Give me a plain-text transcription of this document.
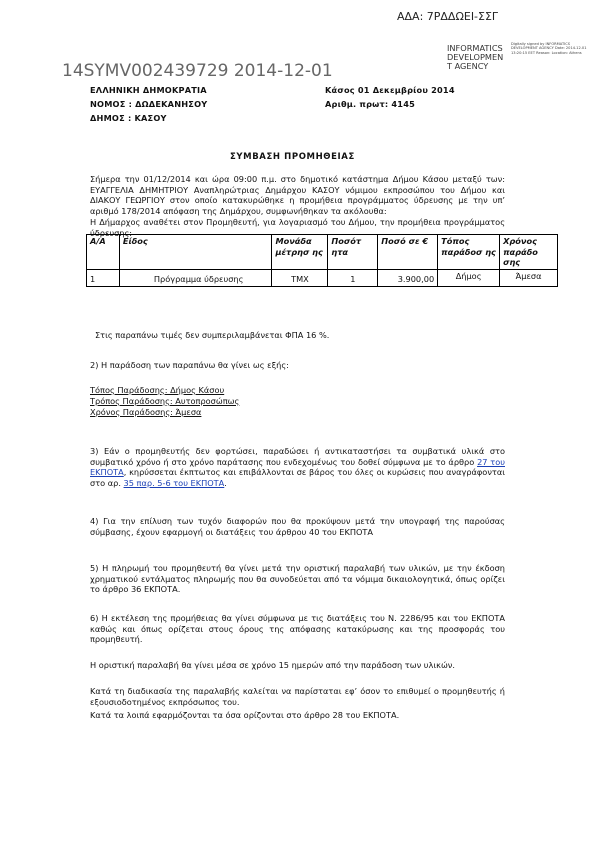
ΑΔΑ: 7ΡΔΔΩΕΙ-ΣΣΓ
INFORMATICS DEVELOPMEN T AGENCY
Digitally signed by INFORMATICS DEVELOPMENT AGENCY Date: 2014.12.01 13:20:15 EET Reason: Location: Athens
14SYMV002439729 2014-12-01
ΕΛΛΗΝΙΚΗ ΔΗΜΟΚΡΑΤΙΑ
ΝΟΜΟΣ : ΔΩΔΕΚΑΝΗΣΟΥ
ΔΗΜΟΣ : ΚΑΣΟΥ
Κάσος 01 Δεκεμβρίου 2014
Αριθμ. πρωτ: 4145
ΣΥΜΒΑΣΗ ΠΡΟΜΗΘΕΙΑΣ
Σήμερα την 01/12/2014 και ώρα 09:00 π.μ. στο δημοτικό κατάστημα Δήμου Κάσου μεταξύ των: ΕΥΑΓΓΕΛΙΑ ΔΗΜΗΤΡΙΟΥ Αναπληρώτριας Δημάρχου ΚΑΣΟΥ νόμιμου εκπροσώπου του Δήμου και ΔΙΑΚΟΥ ΓΕΩΡΓΙΟΥ στον οποίο κατακυρώθηκε η προμήθεια προγράμματος ύδρευσης με την υπ’ αριθμό 178/2014 απόφαση της Δημάρχου, συμφωνήθηκαν τα ακόλουθα:
Η Δήμαρχος αναθέτει στον Προμηθευτή, για λογαριασμό του Δήμου, την προμήθεια προγράμματος ύδρευσης:
Α/Α	Είδος	Μονάδα μέτρησ ης	Ποσότ ητα	Ποσό σε €	Τόπος παράδοσ ης	Χρόνος παράδο σης
1	Πρόγραμμα ύδρευσης	ΤΜΧ	1	3.900,00	Δήμος	Άμεσα
Στις παραπάνω τιμές δεν συμπεριλαμβάνεται ΦΠΑ 16 %.
2) Η παράδοση των παραπάνω θα γίνει ως εξής:
Τόπος Παράδοσης: Δήμος Κάσου
Τρόπος Παράδοσης: Αυτοπροσώπως
Χρόνος Παράδοσης: Άμεσα
3) Εάν ο προμηθευτής δεν φορτώσει, παραδώσει ή αντικαταστήσει τα συμβατικά υλικά στο συμβατικό χρόνο ή στο χρόνο παράτασης που ενδεχομένως του δοθεί σύμφωνα με το άρθρο 27 του ΕΚΠΟΤΑ, κηρύσσεται έκπτωτος και επιβάλλονται σε βάρος του όλες οι κυρώσεις που αναγράφονται στο αρ. 35 παρ. 5-6 του ΕΚΠΟΤΑ.
4) Για την επίλυση των τυχόν διαφορών που θα προκύψουν μετά την υπογραφή της παρούσας σύμβασης, έχουν εφαρμογή οι διατάξεις του άρθρου 40 του ΕΚΠΟΤΑ
5) Η πληρωμή του προμηθευτή θα γίνει μετά την οριστική παραλαβή των υλικών, με την έκδοση χρηματικού εντάλματος πληρωμής που θα συνοδεύεται από τα νόμιμα δικαιολογητικά, όπως ορίζει το άρθρο 36 ΕΚΠΟΤΑ.
6) Η εκτέλεση της προμήθειας θα γίνει σύμφωνα με τις διατάξεις του Ν. 2286/95 και του ΕΚΠΟΤΑ καθώς και όπως ορίζεται στους όρους της απόφασης κατακύρωσης και της προσφοράς του προμηθευτή.
Η οριστική παραλαβή θα γίνει μέσα σε χρόνο 15 ημερών από την παράδοση των υλικών.
Κατά τη διαδικασία της παραλαβής καλείται να παρίσταται εφ’ όσον το επιθυμεί ο προμηθευτής ή εξουσιοδοτημένος εκπρόσωπος του.
Κατά τα λοιπά εφαρμόζονται τα όσα ορίζονται στο άρθρο 28 του ΕΚΠΟΤΑ.
